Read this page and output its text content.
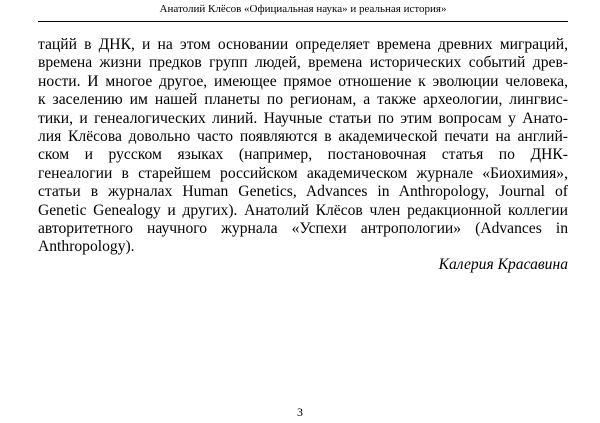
Анатолий Клёсов «Официальная наука» и реальная история»
тацйй в ДНК, и на этом основании определяет времена древних миграций,
времена жизни предков групп людей, времена исторических событий древ-
ности. И многое другое, имеющее прямое отношение к эволюции человека,
к заселению им нашей планеты по регионам, а также археологии, лингвис-
тики, и генеалогических линий. Научные статьи по этим вопросам у Анато-
лия Клёсова довольно часто появляются в академической печати на англий-
ском и русском языках (например, постановочная статья по ДНК-
генеалогии в старейшем российском академическом журнале «Биохимия»,
статьи в журналах Human Genetics, Advances in Anthropology, Journal of
Genetic Genealogy и других). Анатолий Клёсов член редакционной коллегии
авторитетного научного журнала «Успехи антропологии» (Advances in
Anthropology).
Калерия Красавина
3
